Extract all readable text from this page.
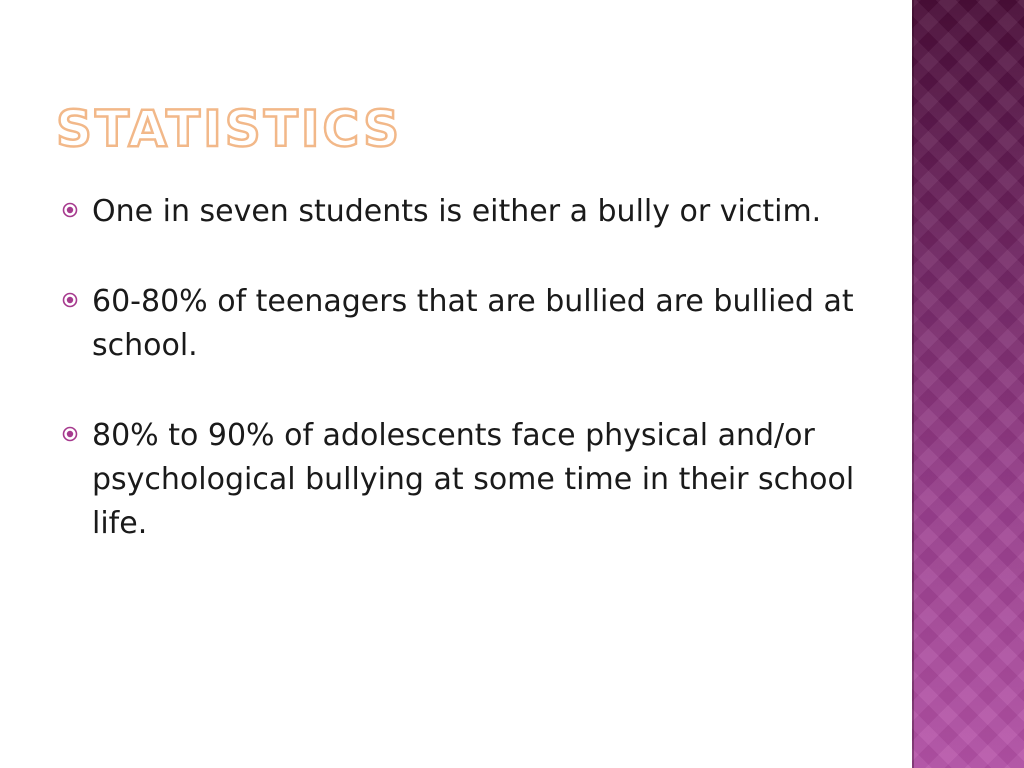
STATISTICS
One in seven students is either a bully or victim.
60-80% of teenagers that are bullied are bullied at school.
80% to 90% of adolescents face physical and/or psychological bullying at some time in their school life.
